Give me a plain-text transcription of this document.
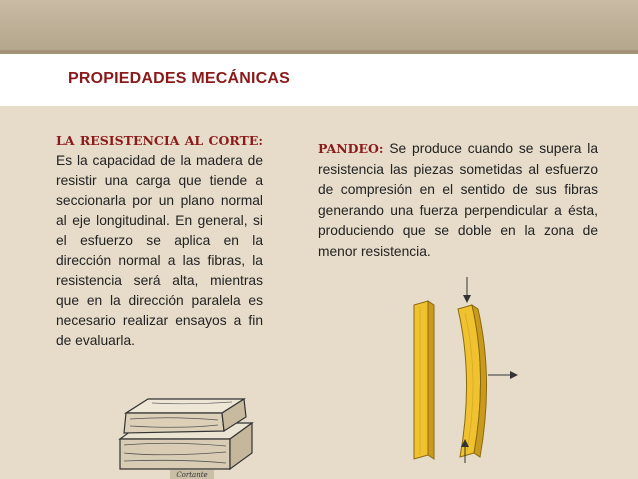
PROPIEDADES MECÁNICAS
LA RESISTENCIA AL CORTE: Es la capacidad de la madera de resistir una carga que tiende a seccionarla por un plano normal al eje longitudinal. En general, si el esfuerzo se aplica en la dirección normal a las fibras, la resistencia será alta, mientras que en la dirección paralela es necesario realizar ensayos a fin de evaluarla.
PANDEO: Se produce cuando se supera la resistencia las piezas sometidas al esfuerzo de compresión en el sentido de sus fibras generando una fuerza perpendicular a ésta, produciendo que se doble en la zona de menor resistencia.
Cortante
